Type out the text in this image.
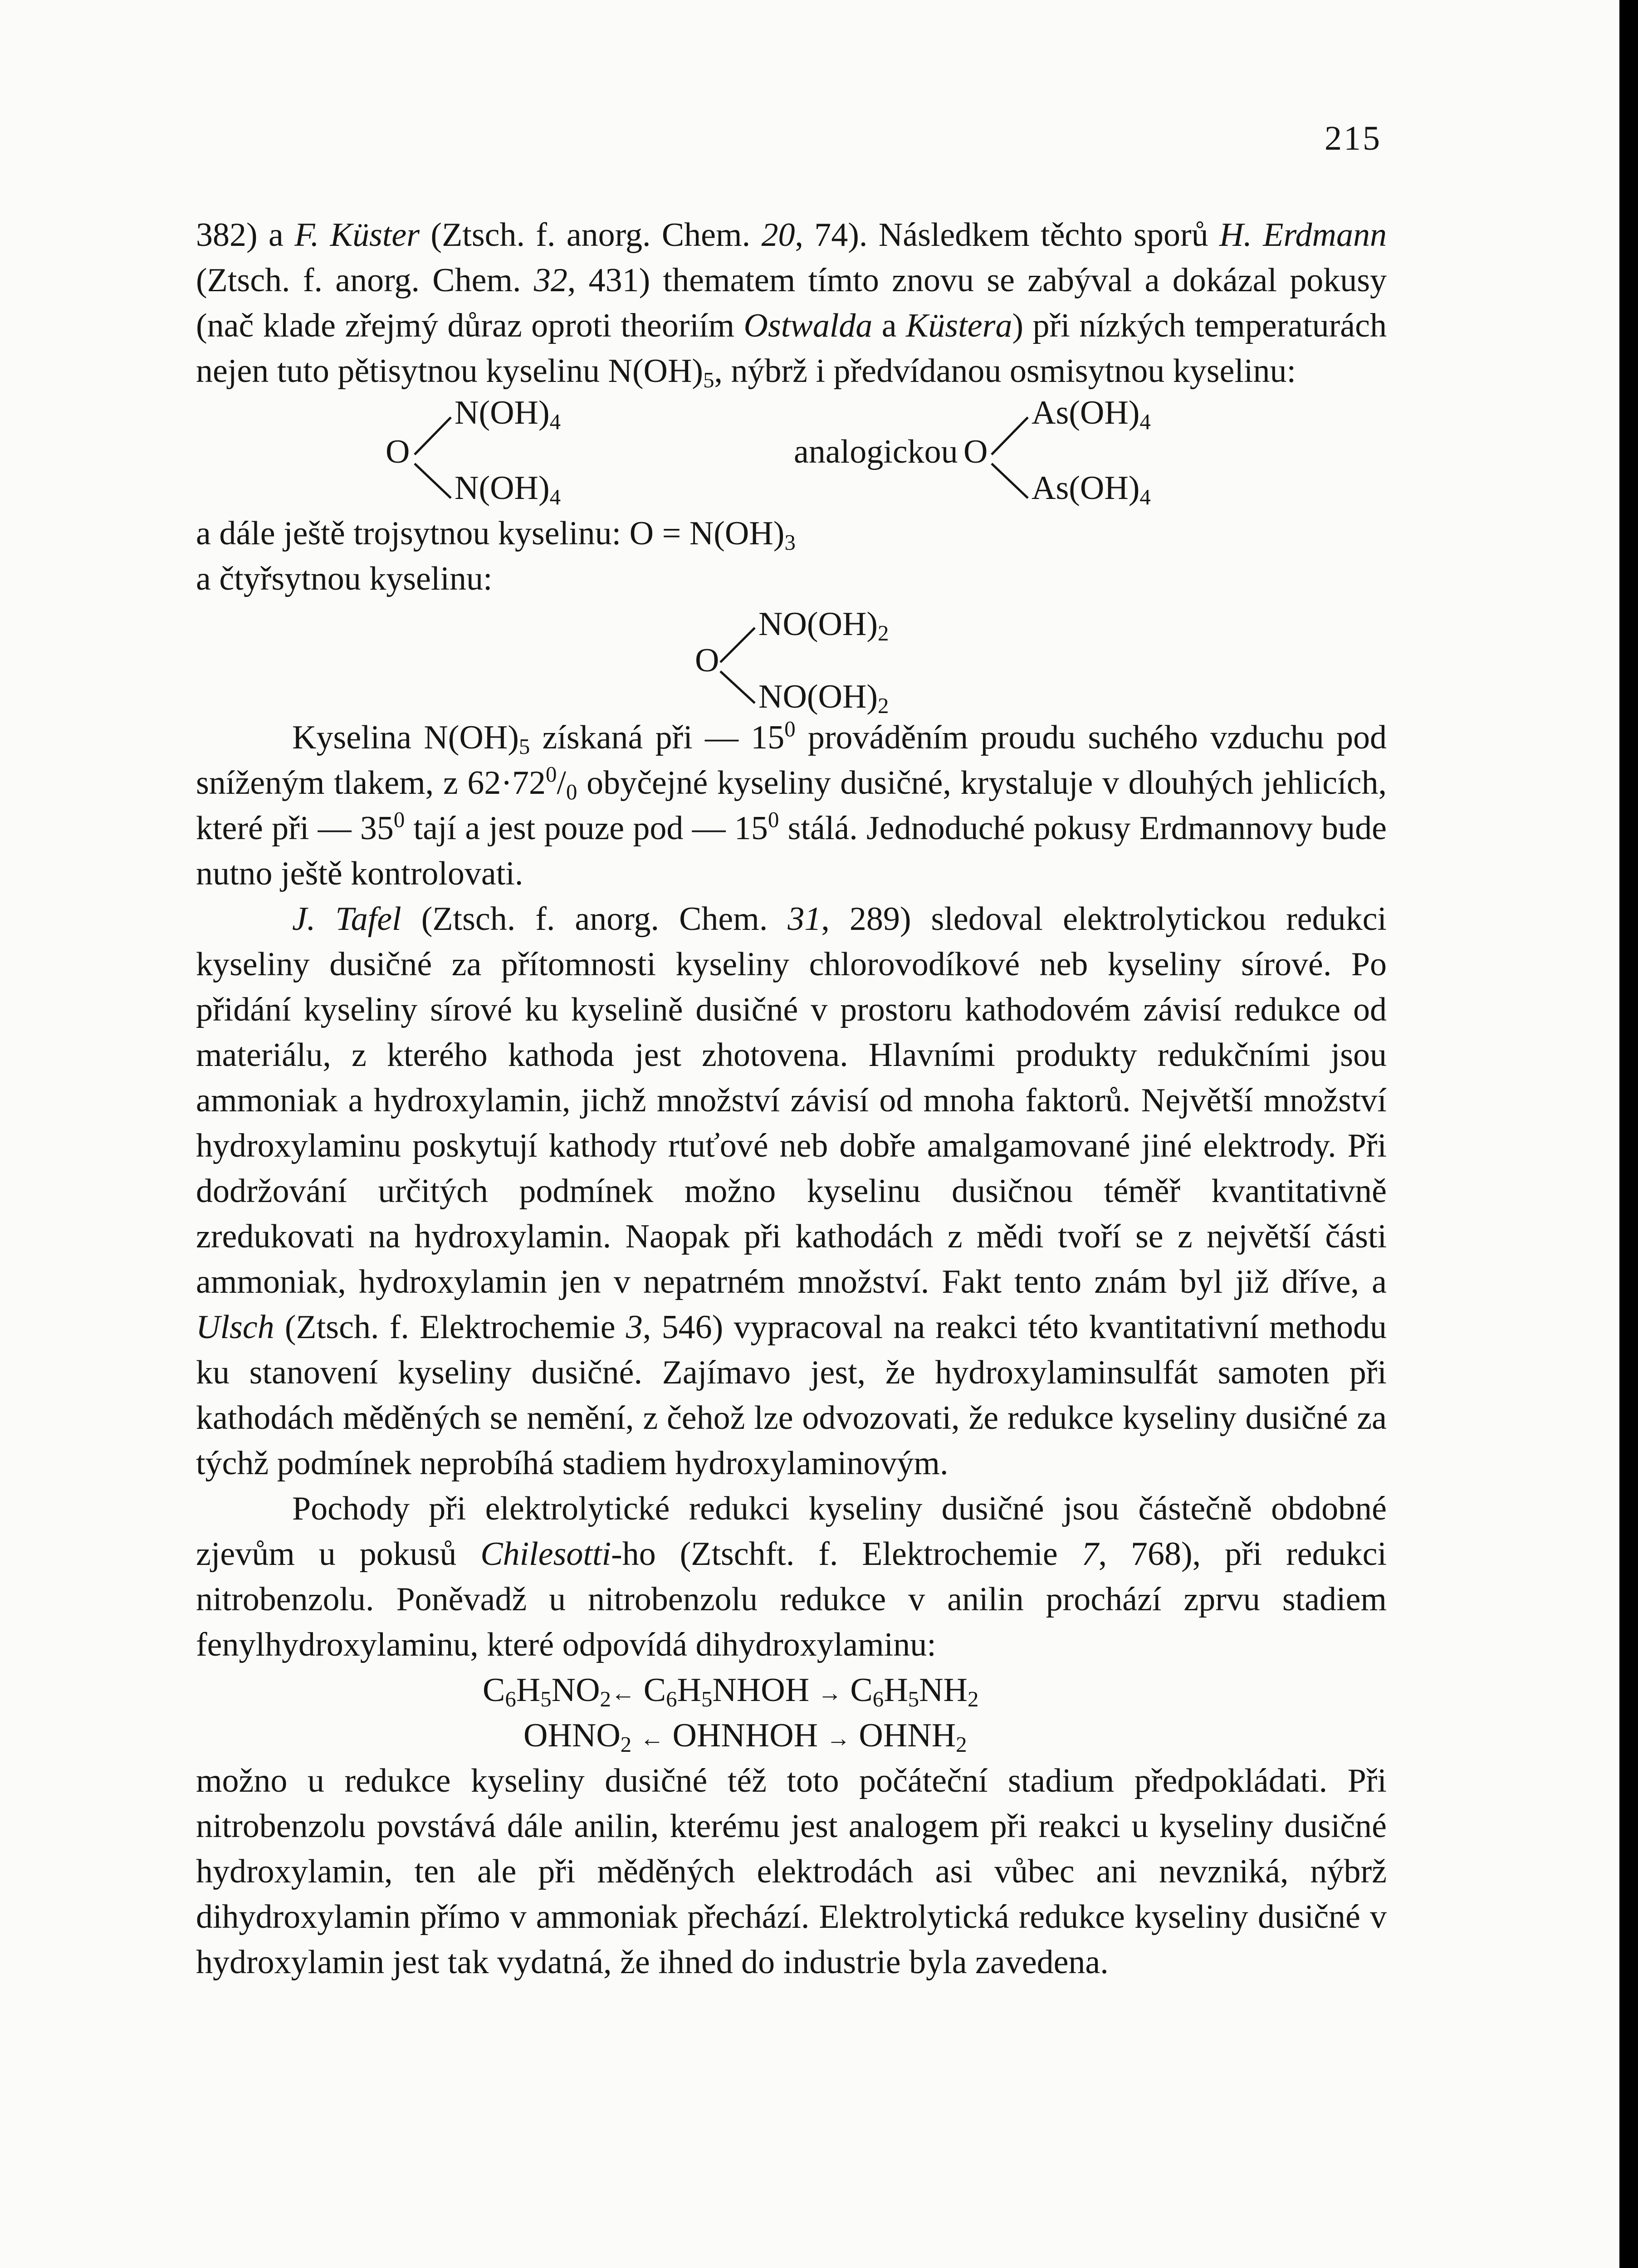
215

382) a F. Küster (Ztsch. f. anorg. Chem. 20, 74). Následkem těchto sporů H. Erdmann (Ztsch. f. anorg. Chem. 32, 431) thematem tímto znovu se zabýval a dokázal pokusy (nač klade zřejmý důraz oproti theoriím Ostwalda a Küstera) při nízkých temperaturách nejen tuto pětisytnou kyselinu $N(OH)_5$, nýbrž i předvídanou osmisytnou kyselinu:

O
$N(OH)_4$
$N(OH)_4$
analogickou O
$As(OH)_4$
$As(OH)_4$

a dále ještě trojsytnou kyselinu: $O = N(OH)_3$

a čtyřsytnou kyselinu:

O
$NO(OH)_2$
$NO(OH)_2$

Kyselina $N(OH)_5$ získaná při — $15^0$ prováděním proudu suchého vzduchu pod sníženým tlakem, z $62\cdot 72^0/_0$ obyčejné kyseliny dusičné, krystaluje v dlouhých jehlicích, které při — $35^0$ tají a jest pouze pod — $15^0$ stálá. Jednoduché pokusy Erdmannovy bude nutno ještě kontrolovati.

J. Tafel (Ztsch. f. anorg. Chem. 31, 289) sledoval elektrolytickou redukci kyseliny dusičné za přítomnosti kyseliny chlorovodíkové neb kyseliny sírové. Po přidání kyseliny sírové ku kyselině dusičné v prostoru kathodovém závisí redukce od materiálu, z kterého kathoda jest zhotovena. Hlavními produkty redukčními jsou ammoniak a hydroxylamin, jichž množství závisí od mnoha faktorů. Největší množství hydroxylaminu poskytují kathody rtuťové neb dobře amalgamované jiné elektrody. Při dodržování určitých podmínek možno kyselinu dusičnou téměř kvantitativně zredukovati na hydroxylamin. Naopak při kathodách z mědi tvoří se z největší části ammoniak, hydroxylamin jen v nepatrném množství. Fakt tento znám byl již dříve, a Ulsch (Ztsch. f. Elektrochemie 3, 546) vypracoval na reakci této kvantitativní methodu ku stanovení kyseliny dusičné. Zajímavo jest, že hydroxylaminsulfát samoten při kathodách měděných se nemění, z čehož lze odvozovati, že redukce kyseliny dusičné za týchž podmínek neprobíhá stadiem hydroxylaminovým.

Pochody při elektrolytické redukci kyseliny dusičné jsou částečně obdobné zjevům u pokusů Chilesotti-ho (Ztschft. f. Elektrochemie 7, 768), při redukci nitrobenzolu. Poněvadž u nitrobenzolu redukce v anilin prochází zprvu stadiem fenylhydroxylaminu, které odpovídá dihydroxylaminu:

$C_6H_5NO_2\leftarrow$ $C_6H_5NHOH \to C_6H_5NH_2$
$OHNO_2$ ← OHNHOH → $OHNH_2$

možno u redukce kyseliny dusičné též toto počáteční stadium předpokládati. Při nitrobenzolu povstává dále anilin, kterému jest analogem při reakci u kyseliny dusičné hydroxylamin, ten ale při měděných elektrodách asi vůbec ani nevzniká, nýbrž dihydroxylamin přímo v ammoniak přechází. Elektrolytická redukce kyseliny dusičné v hydroxylamin jest tak vydatná, že ihned do industrie byla zavedena.
